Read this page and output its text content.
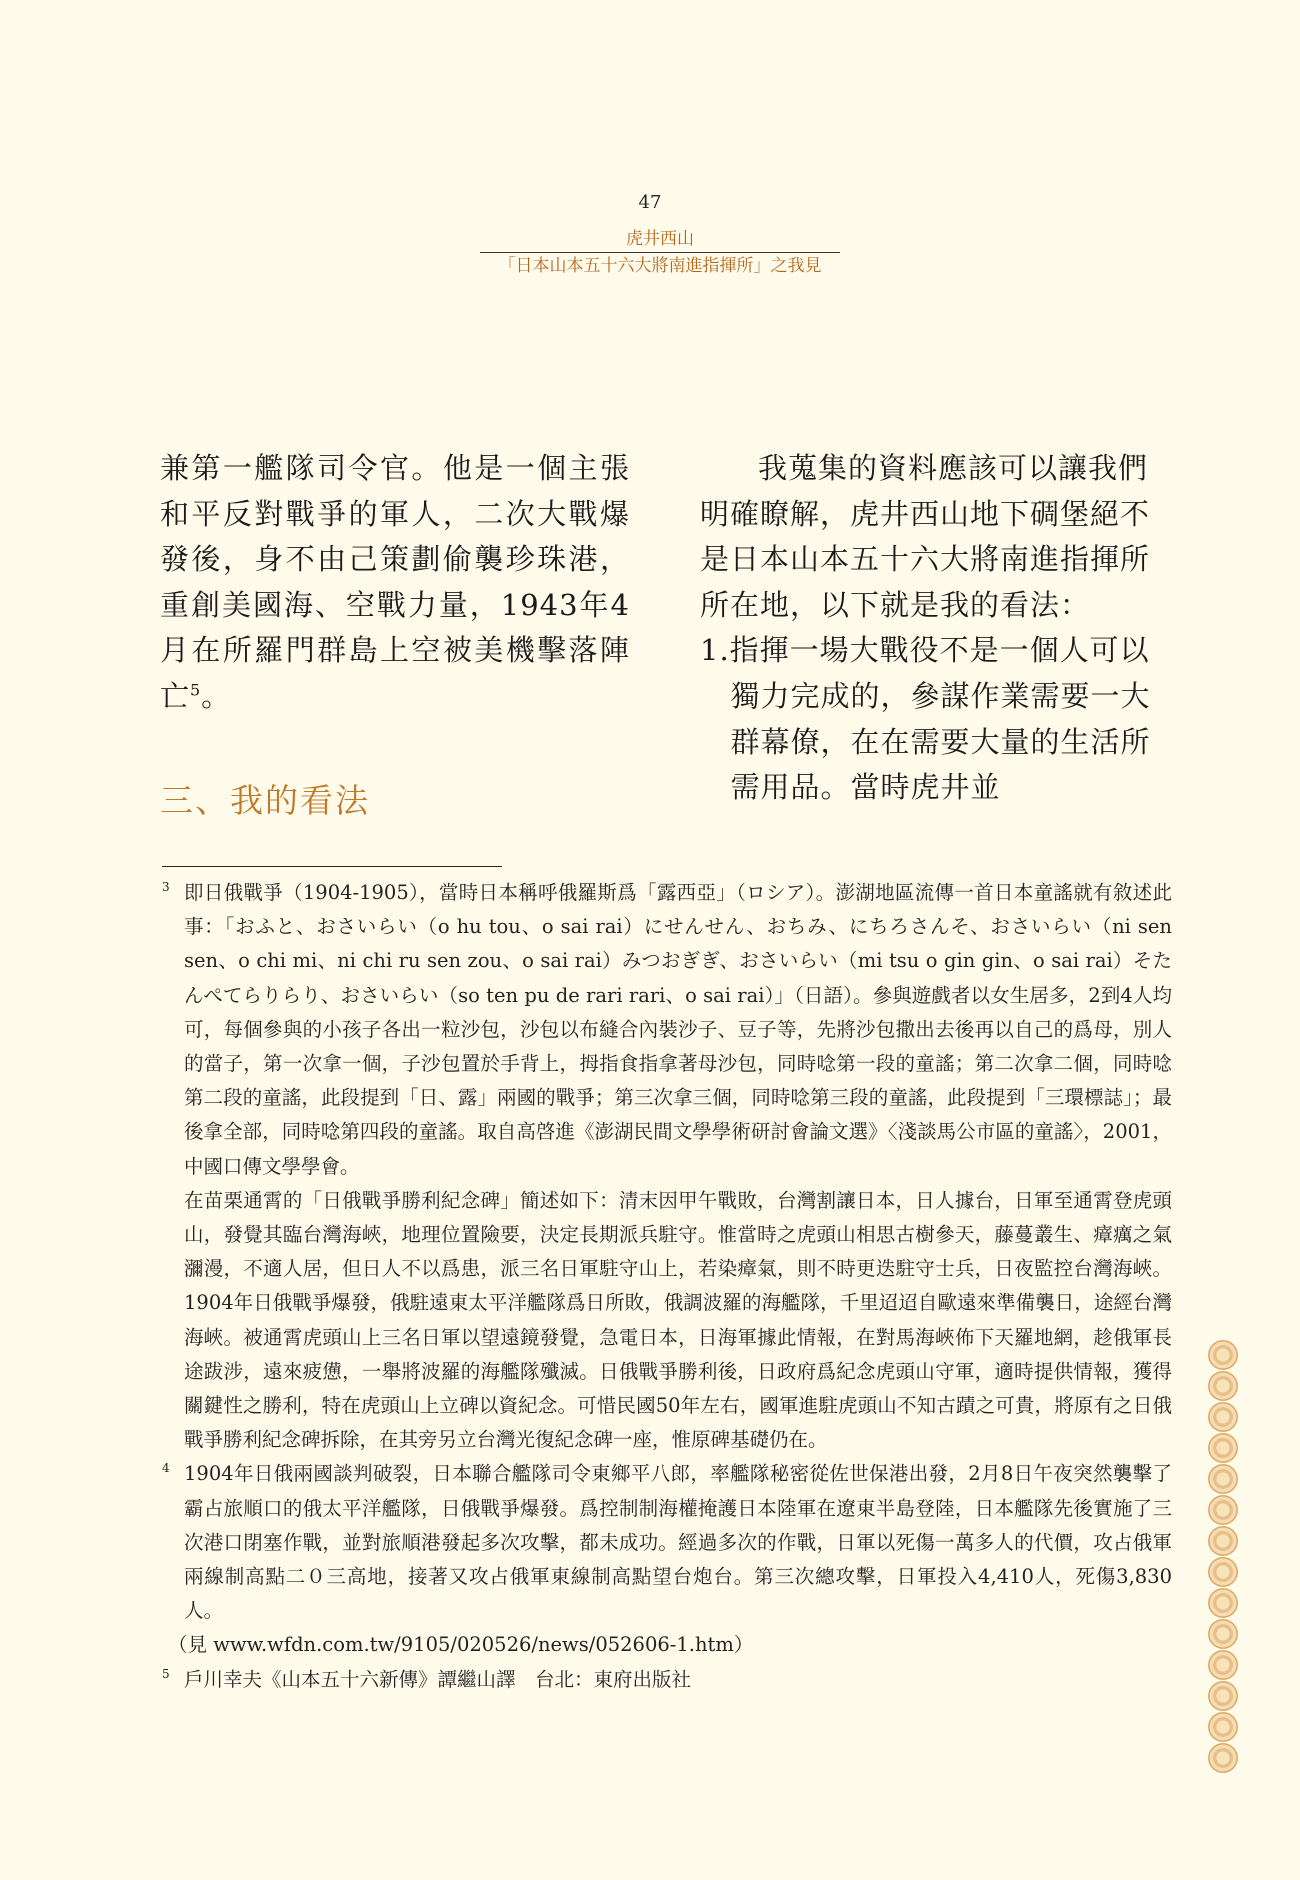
47
虎井西山
「日本山本五十六大將南進指揮所」之我見

兼第一艦隊司令官。他是一個主張和平反對戰爭的軍人，二次大戰爆發後，身不由己策劃偷襲珍珠港，重創美國海、空戰力量，1943年4月在所羅門群島上空被美機擊落陣亡$^5$。

三、我的看法

我蒐集的資料應該可以讓我們明確瞭解，虎井西山地下碉堡絕不是日本山本五十六大將南進指揮所所在地，以下就是我的看法：

1.指揮一場大戰役不是一個人可以獨力完成的，參謀作業需要一大群幕僚，在在需要大量的生活所需用品。當時虎井並

3 即日俄戰爭（1904-1905），當時日本稱呼俄羅斯爲「露西亞」（ロシア）。澎湖地區流傳一首日本童謠就有敘述此事：「おふと、おさいらい（o hu tou、o sai rai）にせんせん、おちみ、にちろさんそ、おさいらい（ni sen sen、o chi mi、ni chi ru sen zou、o sai rai）みつおぎぎ、おさいらい（mi tsu o gin gin、o sai rai）そたんぺてらりらり、おさいらい（so ten pu de rari rari、o sai rai）」（日語）。參與遊戲者以女生居多，2到4人均可，每個參與的小孩子各出一粒沙包，沙包以布縫合內裝沙子、豆子等，先將沙包撒出去後再以自己的爲母，別人的當子，第一次拿一個，子沙包置於手背上，拇指食指拿著母沙包，同時唸第一段的童謠；第二次拿二個，同時唸第二段的童謠，此段提到「日、露」兩國的戰爭；第三次拿三個，同時唸第三段的童謠，此段提到「三環標誌」；最後拿全部，同時唸第四段的童謠。取自高啓進《澎湖民間文學學術研討會論文選》〈淺談馬公市區的童謠〉，2001，中國口傳文學學會。

在苗栗通霄的「日俄戰爭勝利紀念碑」簡述如下：清末因甲午戰敗，台灣割讓日本，日人據台，日軍至通霄登虎頭山，發覺其臨台灣海峽，地理位置險要，決定長期派兵駐守。惟當時之虎頭山相思古樹參天，藤蔓叢生、瘴癘之氣瀰漫，不適人居，但日人不以爲患，派三名日軍駐守山上，若染瘴氣，則不時更迭駐守士兵，日夜監控台灣海峽。1904年日俄戰爭爆發，俄駐遠東太平洋艦隊爲日所敗，俄調波羅的海艦隊，千里迢迢自歐遠來準備襲日，途經台灣海峽。被通霄虎頭山上三名日軍以望遠鏡發覺，急電日本，日海軍據此情報，在對馬海峽佈下天羅地網，趁俄軍長途跋涉，遠來疲憊，一舉將波羅的海艦隊殲滅。日俄戰爭勝利後，日政府爲紀念虎頭山守軍，適時提供情報，獲得關鍵性之勝利，特在虎頭山上立碑以資紀念。可惜民國50年左右，國軍進駐虎頭山不知古蹟之可貴，將原有之日俄戰爭勝利紀念碑拆除，在其旁另立台灣光復紀念碑一座，惟原碑基礎仍在。

4 1904年日俄兩國談判破裂，日本聯合艦隊司令東鄉平八郎，率艦隊秘密從佐世保港出發，2月8日午夜突然襲擊了霸占旅順口的俄太平洋艦隊，日俄戰爭爆發。爲控制制海權掩護日本陸軍在遼東半島登陸，日本艦隊先後實施了三次港口閉塞作戰，並對旅順港發起多次攻擊，都未成功。經過多次的作戰，日軍以死傷一萬多人的代價，攻占俄軍兩線制高點二０三高地，接著又攻占俄軍東線制高點望台炮台。第三次總攻擊，日軍投入4,410人，死傷3,830人。

（見 www.wfdn.com.tw/9105/020526/news/052606-1.htm）

5 戶川幸夫《山本五十六新傳》譚繼山譯　台北：東府出版社
